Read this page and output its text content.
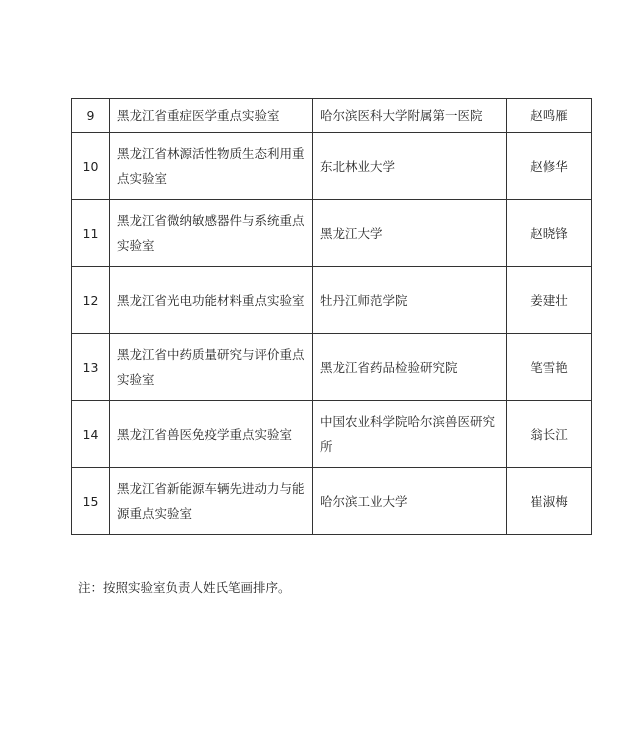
9	黑龙江省重症医学重点实验室	哈尔滨医科大学附属第一医院	赵鸣雁
10	黑龙江省林源活性物质生态利用重点实验室	东北林业大学	赵修华
11	黑龙江省微纳敏感器件与系统重点实验室	黑龙江大学	赵晓锋
12	黑龙江省光电功能材料重点实验室	牡丹江师范学院	姜建壮
13	黑龙江省中药质量研究与评价重点实验室	黑龙江省药品检验研究院	笔雪艳
14	黑龙江省兽医免疫学重点实验室	中国农业科学院哈尔滨兽医研究所	翁长江
15	黑龙江省新能源车辆先进动力与能源重点实验室	哈尔滨工业大学	崔淑梅
注：按照实验室负责人姓氏笔画排序。
